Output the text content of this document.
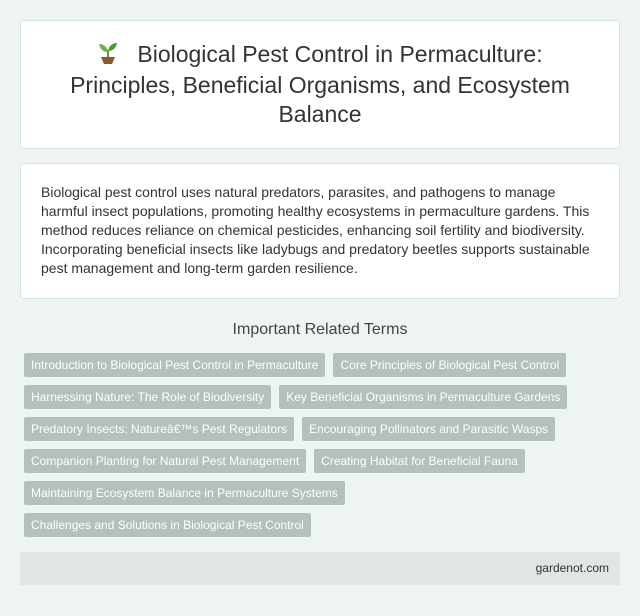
Biological Pest Control in Permaculture: Principles, Beneficial Organisms, and Ecosystem Balance

Biological pest control uses natural predators, parasites, and pathogens to manage harmful insect populations, promoting healthy ecosystems in permaculture gardens. This method reduces reliance on chemical pesticides, enhancing soil fertility and biodiversity. Incorporating beneficial insects like ladybugs and predatory beetles supports sustainable pest management and long-term garden resilience.

Important Related Terms
Introduction to Biological Pest Control in Permaculture	Core Principles of Biological Pest Control
Harnessing Nature: The Role of Biodiversity	Key Beneficial Organisms in Permaculture Gardens
Predatory Insects: Natureâ€™s Pest Regulators	Encouraging Pollinators and Parasitic Wasps
Companion Planting for Natural Pest Management	Creating Habitat for Beneficial Fauna
Maintaining Ecosystem Balance in Permaculture Systems
Challenges and Solutions in Biological Pest Control
gardenot.com
